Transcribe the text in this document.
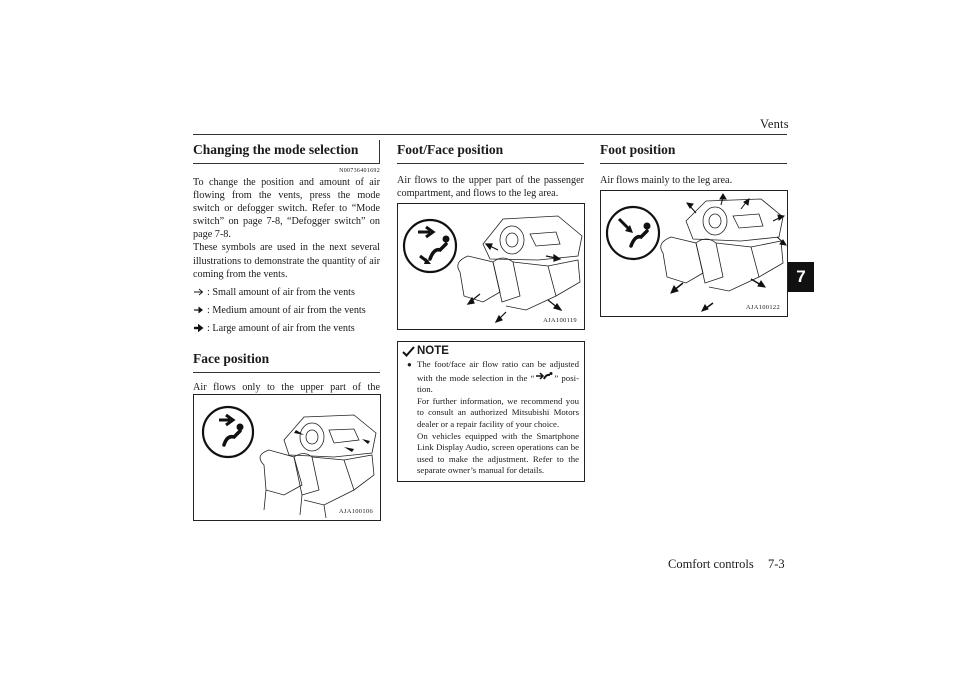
Vents
7
Changing the mode selection
N00736401692
To change the position and amount of air flowing from the vents, press the mode switch or defogger switch. Refer to “Mode switch” on page 7-8, “Defogger switch” on page 7-8.
These symbols are used in the next several illustrations to demonstrate the quantity of air coming from the vents.
: Small amount of air from the vents
: Medium amount of air from the vents
: Large amount of air from the vents
Face position
Air flows only to the upper part of the
AJA100106
Foot/Face position
Air flows to the upper part of the passenger compartment, and flows to the leg area.
AJA100119
NOTE
● The foot/face air flow ratio can be adjusted with the mode selection in the “ ” posi- tion.
For further information, we recommend you to consult an authorized Mitsubishi Motors dealer or a repair facility of your choice.
On vehicles equipped with the Smartphone Link Display Audio, screen operations can be used to make the adjustment. Refer to the separate owner’s manual for details.
Foot position
Air flows mainly to the leg area.
AJA100122
Comfort controls 7-3
